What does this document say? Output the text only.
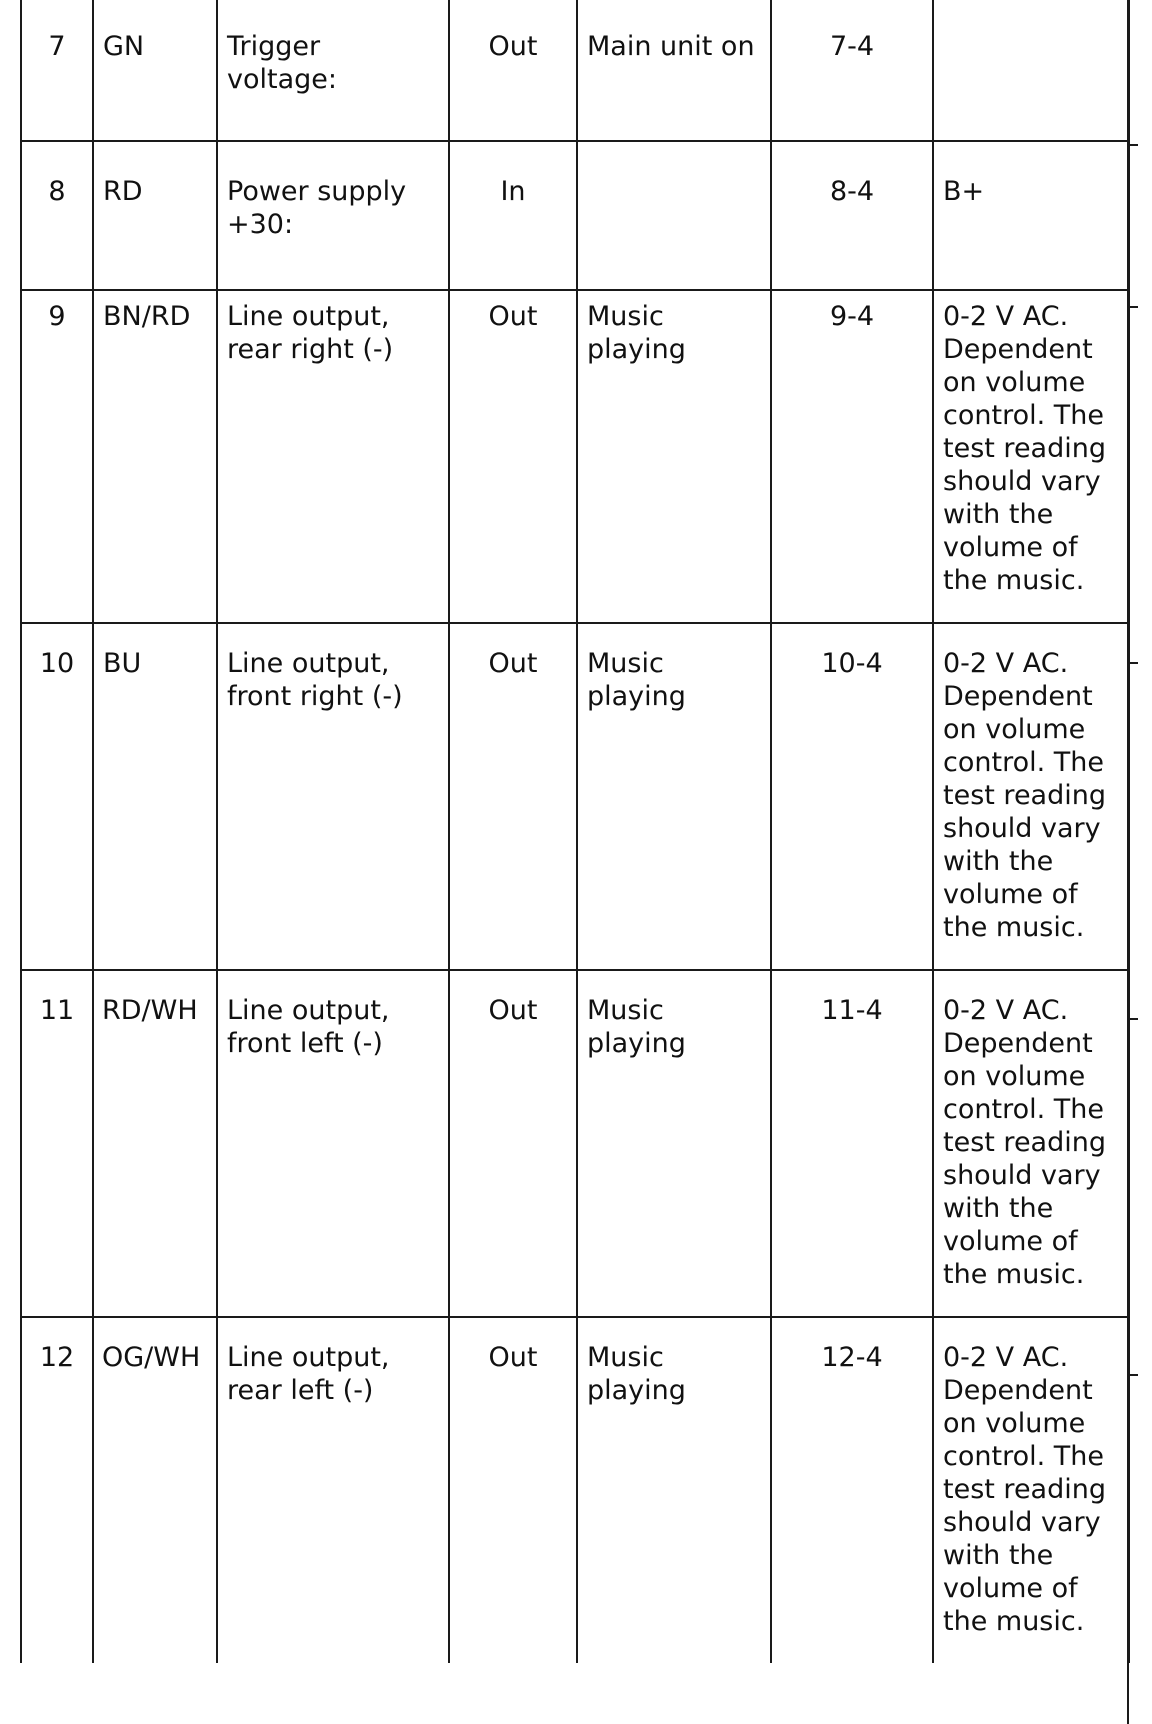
7	GN	Trigger voltage:	Out	Main unit on	7-4	
8	RD	Power supply +30:	In		8-4	B+
9	BN/RD	Line output, rear right (-)	Out	Music playing	9-4	0-2 V AC. Dependent on volume control. The test reading should vary with the volume of the music.
10	BU	Line output, front right (-)	Out	Music playing	10-4	0-2 V AC. Dependent on volume control. The test reading should vary with the volume of the music.
11	RD/WH	Line output, front left (-)	Out	Music playing	11-4	0-2 V AC. Dependent on volume control. The test reading should vary with the volume of the music.
12	OG/WH	Line output, rear left (-)	Out	Music playing	12-4	0-2 V AC. Dependent on volume control. The test reading should vary with the volume of the music.
